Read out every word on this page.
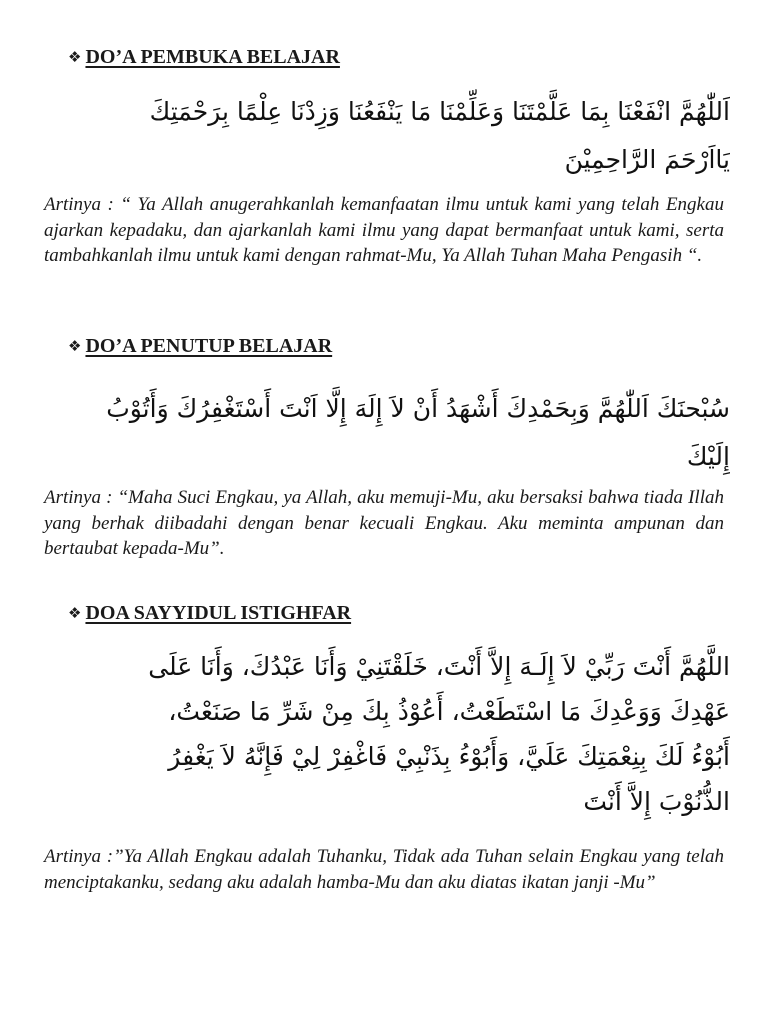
❖ DO’A PEMBUKA BELAJAR
اَللّٰهُمَّ انْفَعْنَا بِمَا عَلَّمْتَنَا وَعَلِّمْنَا مَا يَنْفَعُنَا وَزِدْنَا عِلْمًا بِرَحْمَتِكَ
يَااَرْحَمَ الرَّاحِمِيْنَ

Artinya : “ Ya Allah anugerahkanlah kemanfaatan ilmu untuk kami yang telah Engkau ajarkan kepadaku, dan ajarkanlah kami ilmu yang dapat bermanfaat untuk kami, serta tambahkanlah ilmu untuk kami dengan rahmat-Mu, Ya Allah Tuhan Maha Pengasih “.

❖ DO’A PENUTUP BELAJAR
سُبْحنَكَ اَللّٰهُمَّ وَبِحَمْدِكَ أَشْهَدُ أَنْ لاَ إِلَهَ إِلَّا اَنْتَ أَسْتَغْفِرُكَ وَأَتُوْبُ
إِلَيْكَ

Artinya : “Maha Suci Engkau, ya Allah, aku memuji-Mu, aku bersaksi bahwa tiada Illah yang berhak diibadahi dengan benar kecuali Engkau. Aku meminta ampunan dan bertaubat kepada-Mu”.

❖ DOA SAYYIDUL ISTIGHFAR
اللَّهُمَّ أَنْتَ رَبِّيْ لاَ إِلَـهَ إِلاَّ أَنْتَ، خَلَقْتَنِيْ وَأَنَا عَبْدُكَ، وَأَنَا عَلَى
عَهْدِكَ وَوَعْدِكَ مَا اسْتَطَعْتُ، أَعُوْذُ بِكَ مِنْ شَرِّ مَا صَنَعْتُ،
أَبُوْءُ لَكَ بِنِعْمَتِكَ عَلَيَّ، وَأَبُوْءُ بِذَنْبِيْ فَاغْفِرْ لِيْ فَإِنَّهُ لاَ يَغْفِرُ
الذُّنُوْبَ إِلاَّ أَنْتَ

Artinya :”Ya Allah Engkau adalah Tuhanku, Tidak ada Tuhan selain Engkau yang telah menciptakanku, sedang aku adalah hamba-Mu dan aku diatas ikatan janji -Mu”
